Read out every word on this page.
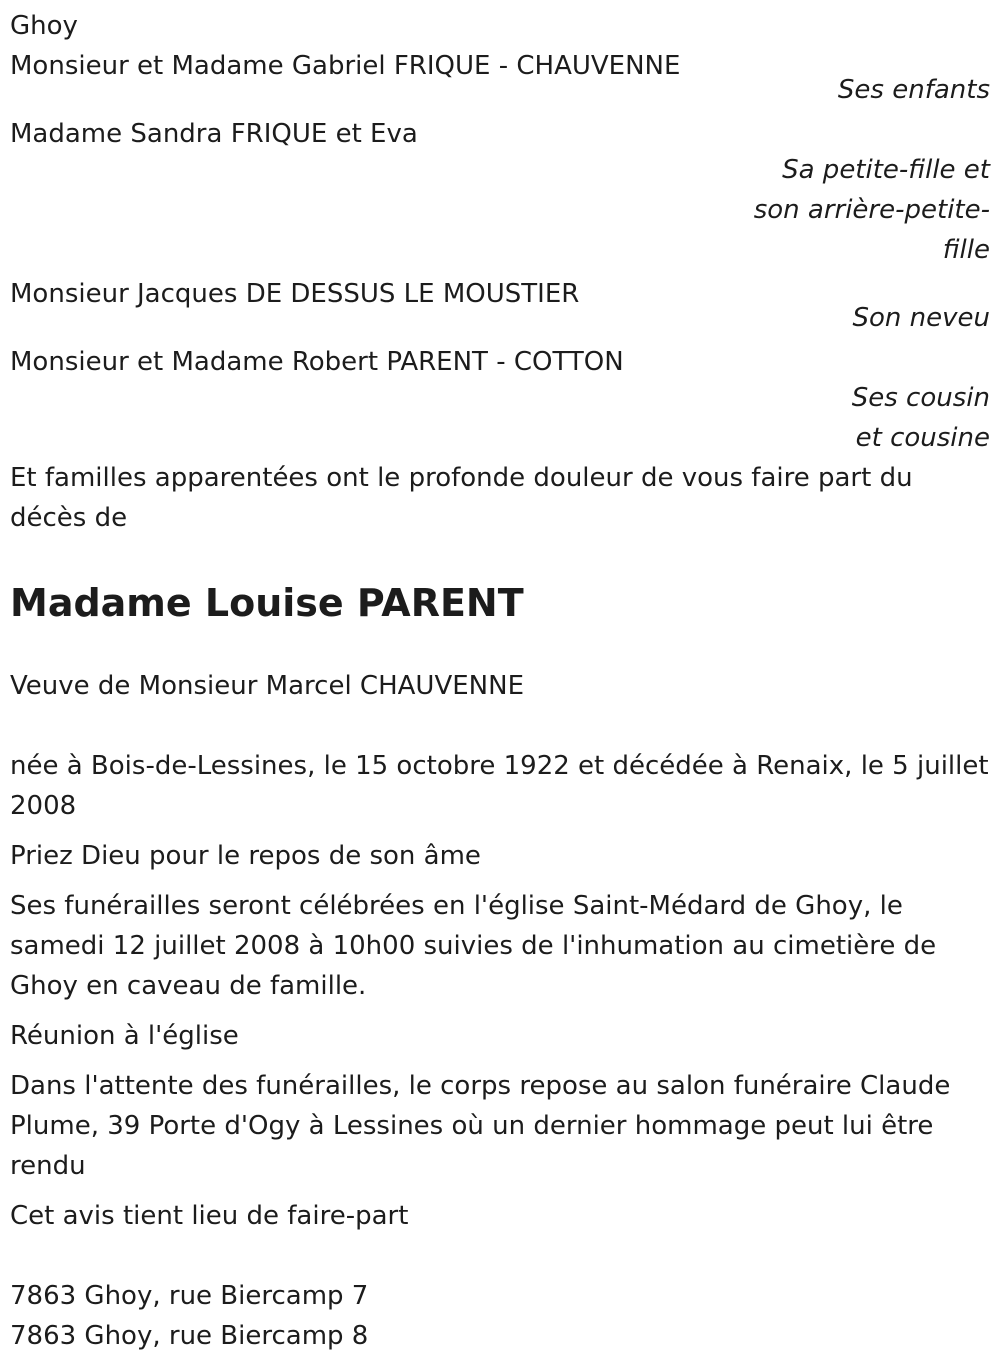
Ghoy

Monsieur et Madame Gabriel FRIQUE - CHAUVENNE

Ses enfants

Madame Sandra FRIQUE et Eva

Sa petite-fille et son arrière-petite-fille

Monsieur Jacques DE DESSUS LE MOUSTIER

Son neveu

Monsieur et Madame Robert PARENT - COTTON

Ses cousin et cousine

Et familles apparentées ont le profonde douleur de vous faire part du décès de

Madame Louise PARENT

Veuve de Monsieur Marcel CHAUVENNE

née à Bois-de-Lessines, le 15 octobre 1922 et décédée à Renaix, le 5 juillet 2008

Priez Dieu pour le repos de son âme

Ses funérailles seront célébrées en l'église Saint-Médard de Ghoy, le samedi 12 juillet 2008 à 10h00 suivies de l'inhumation au cimetière de Ghoy en caveau de famille.

Réunion à l'église

Dans l'attente des funérailles, le corps repose au salon funéraire Claude Plume, 39 Porte d'Ogy à Lessines où un dernier hommage peut lui être rendu

Cet avis tient lieu de faire-part

7863 Ghoy, rue Biercamp 7

7863 Ghoy, rue Biercamp 8
